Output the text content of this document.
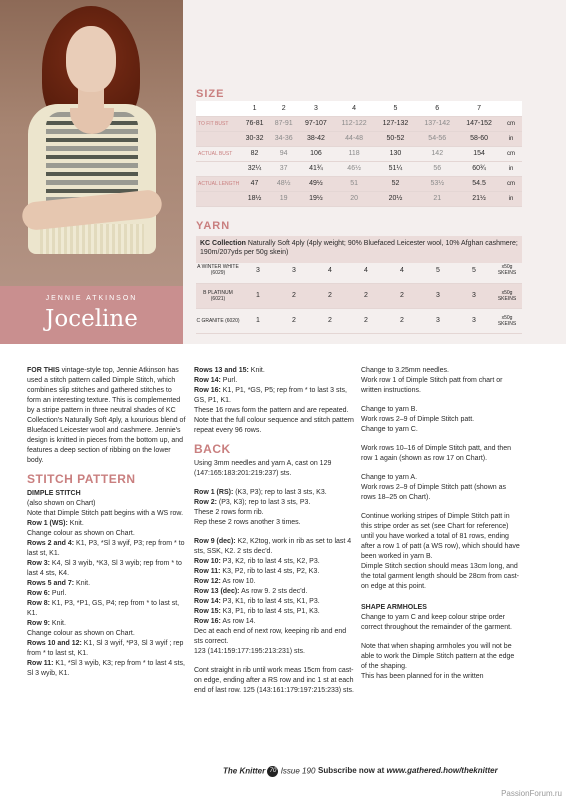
JENNIE ATKINSON
Joceline
SIZE
	1	2	3	4	5	6	7	
TO FIT BUST	76-81	87-91	97-107	112-122	127-132	137-142	147-152	cm
	30-32	34-36	38-42	44-48	50-52	54-56	58-60	in
ACTUAL BUST	82	94	106	118	130	142	154	cm
	32¼	37	41¾	46½	51¼	56	60¾	in
ACTUAL LENGTH	47	48½	49½	51	52	53½	54.5	cm
	18½	19	19½	20	20½	21	21½	in
YARN
KC Collection Naturally Soft 4ply (4ply weight; 90% Bluefaced Leicester wool, 10% Afghan cashmere; 190m/207yds per 50g skein)
A WINTER WHITE (6029)	3	3	4	4	4	5	5	x50g SKEINS
B PLATINUM (6021)	1	2	2	2	2	3	3	x50g SKEINS
C GRANITE (6020)	1	2	2	2	2	3	3	x50g SKEINS

FOR THIS vintage-style top, Jennie Atkinson has used a stitch pattern called Dimple Stitch, which combines slip stitches and gathered stitches to form an interesting texture. This is complemented by a stripe pattern in three neutral shades of KC Collection's Naturally Soft 4ply, a luxurious blend of Bluefaced Leicester wool and cashmere. Jennie's design is knitted in pieces from the bottom up, and features a deep section of ribbing on the lower body.

STITCH PATTERN
DIMPLE STITCH

(also shown on Chart)

Note that Dimple Stitch patt begins with a WS row.

Row 1 (WS): Knit.

Change colour as shown on Chart.

Rows 2 and 4: K1, P3, *Sl 3 wyif, P3; rep from * to last st, K1.

Row 3: K4, Sl 3 wyib, *K3, Sl 3 wyib; rep from * to last 4 sts, K4.

Rows 5 and 7: Knit.

Row 6: Purl.

Row 8: K1, P3, *P1, GS, P4; rep from * to last st, K1.

Row 9: Knit.

Change colour as shown on Chart.

Rows 10 and 12: K1, Sl 3 wyif, *P3, Sl 3 wyif ; rep from * to last st, K1.

Row 11: K1, *Sl 3 wyib, K3; rep from * to last 4 sts, Sl 3 wyib, K1.

Rows 13 and 15: Knit.

Row 14: Purl.

Row 16: K1, P1, *GS, P5; rep from * to last 3 sts, GS, P1, K1.

These 16 rows form the pattern and are repeated.

Note that the full colour sequence and stitch pattern repeat every 96 rows.

BACK

Using 3mm needles and yarn A, cast on 129 (147:165:183:201:219:237) sts.

Row 1 (RS): (K3, P3); rep to last 3 sts, K3.

Row 2: (P3, K3); rep to last 3 sts, P3.

These 2 rows form rib.

Rep these 2 rows another 3 times.

Row 9 (dec): K2, K2tog, work in rib as set to last 4 sts, SSK, K2. 2 sts dec'd.

Row 10: P3, K2, rib to last 4 sts, K2, P3.

Row 11: K3, P2, rib to last 4 sts, P2, K3.

Row 12: As row 10.

Row 13 (dec): As row 9. 2 sts dec'd.

Row 14: P3, K1, rib to last 4 sts, K1, P3.

Row 15: K3, P1, rib to last 4 sts, P1, K3.

Row 16: As row 14.

Dec at each end of next row, keeping rib and end sts correct.

123 (141:159:177:195:213:231) sts.

Cont straight in rib until work meas 15cm from cast-on edge, ending after a RS row and inc 1 st at each end of last row. 125 (143:161:179:197:215:233) sts.

Change to 3.25mm needles.
Work row 1 of Dimple Stitch patt from chart or written instructions.

Change to yarn B.
Work rows 2–9 of Dimple Stitch patt.
Change to yarn C.

Work rows 10–16 of Dimple Stitch patt, and then row 1 again (shown as row 17 on Chart).

Change to yarn A.
Work rows 2–9 of Dimple Stitch patt (shown as rows 18–25 on Chart).

Continue working stripes of Dimple Stitch patt in this stripe order as set (see Chart for reference) until you have worked a total of 81 rows, ending after a row 1 of patt (a WS row), which should have been worked in yarn B.
Dimple Stitch section should meas 13cm long, and the total garment length should be 28cm from cast-on edge at this point.

SHAPE ARMHOLES

Change to yarn C and keep colour stripe order correct throughout the remainder of the garment.

Note that when shaping armholes you will not be able to work the Dimple Stitch pattern at the edge of the shaping.
This has been planned for in the written

The Knitter 70 Issue 190 Subscribe now at www.gathered.how/theknitter
PassionForum.ru
